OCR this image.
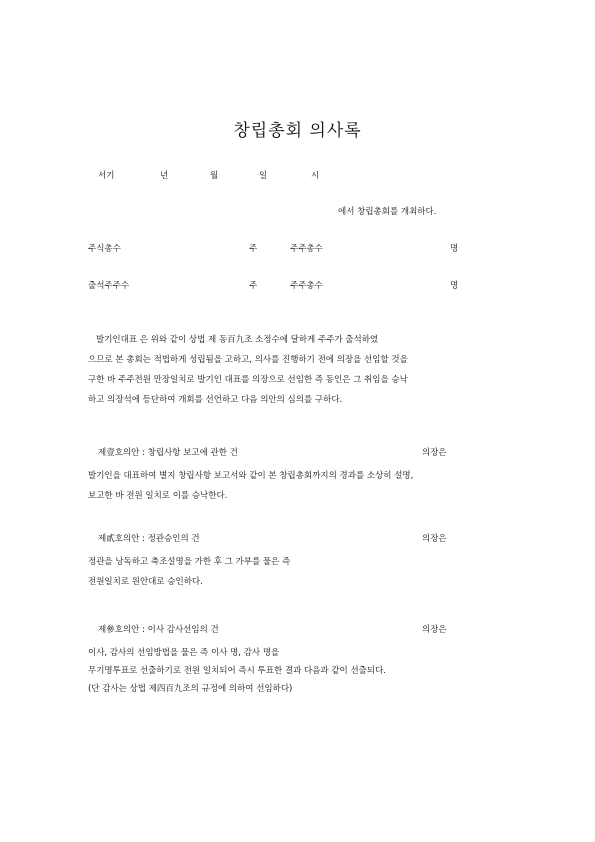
창립총회 의사록
서기	년	월	일	시
에서 창립총회를 개최하다.
주식총수	주	주주총수	명
출석주주수	주	주주총수	명
발기인대표 은 위와 같이 상법 제 동百九조 소정수에 달하게 주주가 출석하였
으므로 본 총회는 적법하게 성립됨을 고하고, 의사를 진행하기 전에 의장을 선임할 것을
구한 바 주주전원 만장일치로 발기인 대표를 의장으로 선임한 즉 동인은 그 취임을 승낙
하고 의장석에 등단하여 개회를 선언하고 다음 의안의 심의를 구하다.
제壹호의안 : 창립사항 보고에 관한 건	의장은
발기인을 대표하여 별지 창립사항 보고서와 같이 본 창립총회까지의 경과를 소상히 설명,
보고한 바 전원 일치로 이를 승낙한다.
제貳호의안 : 정관승인의 건	의장은
정관을 낭독하고 축조설명을 가한 후 그 가부를 물은 즉
전원일치로 원안대로 승인하다.
제參호의안 : 이사 감사선임의 건	의장은
이사, 감사의 선임방법을 물은 즉 이사 명, 감사 명을
무기명투표로 선출하기로 전원 일치되어 즉시 투표한 결과 다음과 같이 선출되다.
(단 감사는 상법 제四百九조의 규정에 의하여 선임하다)
